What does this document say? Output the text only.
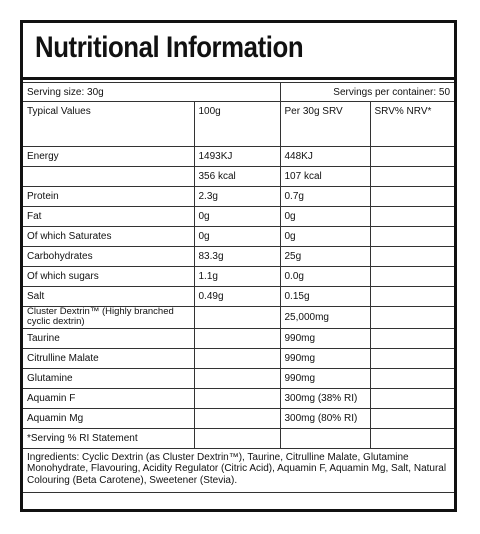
Nutritional Information
Serving size: 30g		Servings per container: 50	
Typical Values	100g	Per 30g SRV	SRV% NRV*
Energy	1493KJ	448KJ	
	356 kcal	107 kcal	
Protein	2.3g	0.7g	
Fat	0g	0g	
Of which Saturates	0g	0g	
Carbohydrates	83.3g	25g	
Of which sugars	1.1g	0.0g	
Salt	0.49g	0.15g	
Cluster Dextrin™ (Highly branched cyclic dextrin)		25,000mg	
Taurine		990mg	
Citrulline Malate		990mg	
Glutamine		990mg	
Aquamin F		300mg (38% RI)	
Aquamin Mg		300mg (80% RI)	
*Serving % RI Statement			
Ingredients: Cyclic Dextrin (as Cluster Dextrin™), Taurine, Citrulline Malate, Glutamine Monohydrate, Flavouring, Acidity Regulator (Citric Acid), Aquamin F, Aquamin Mg, Salt, Natural Colouring (Beta Carotene), Sweetener (Stevia).			
